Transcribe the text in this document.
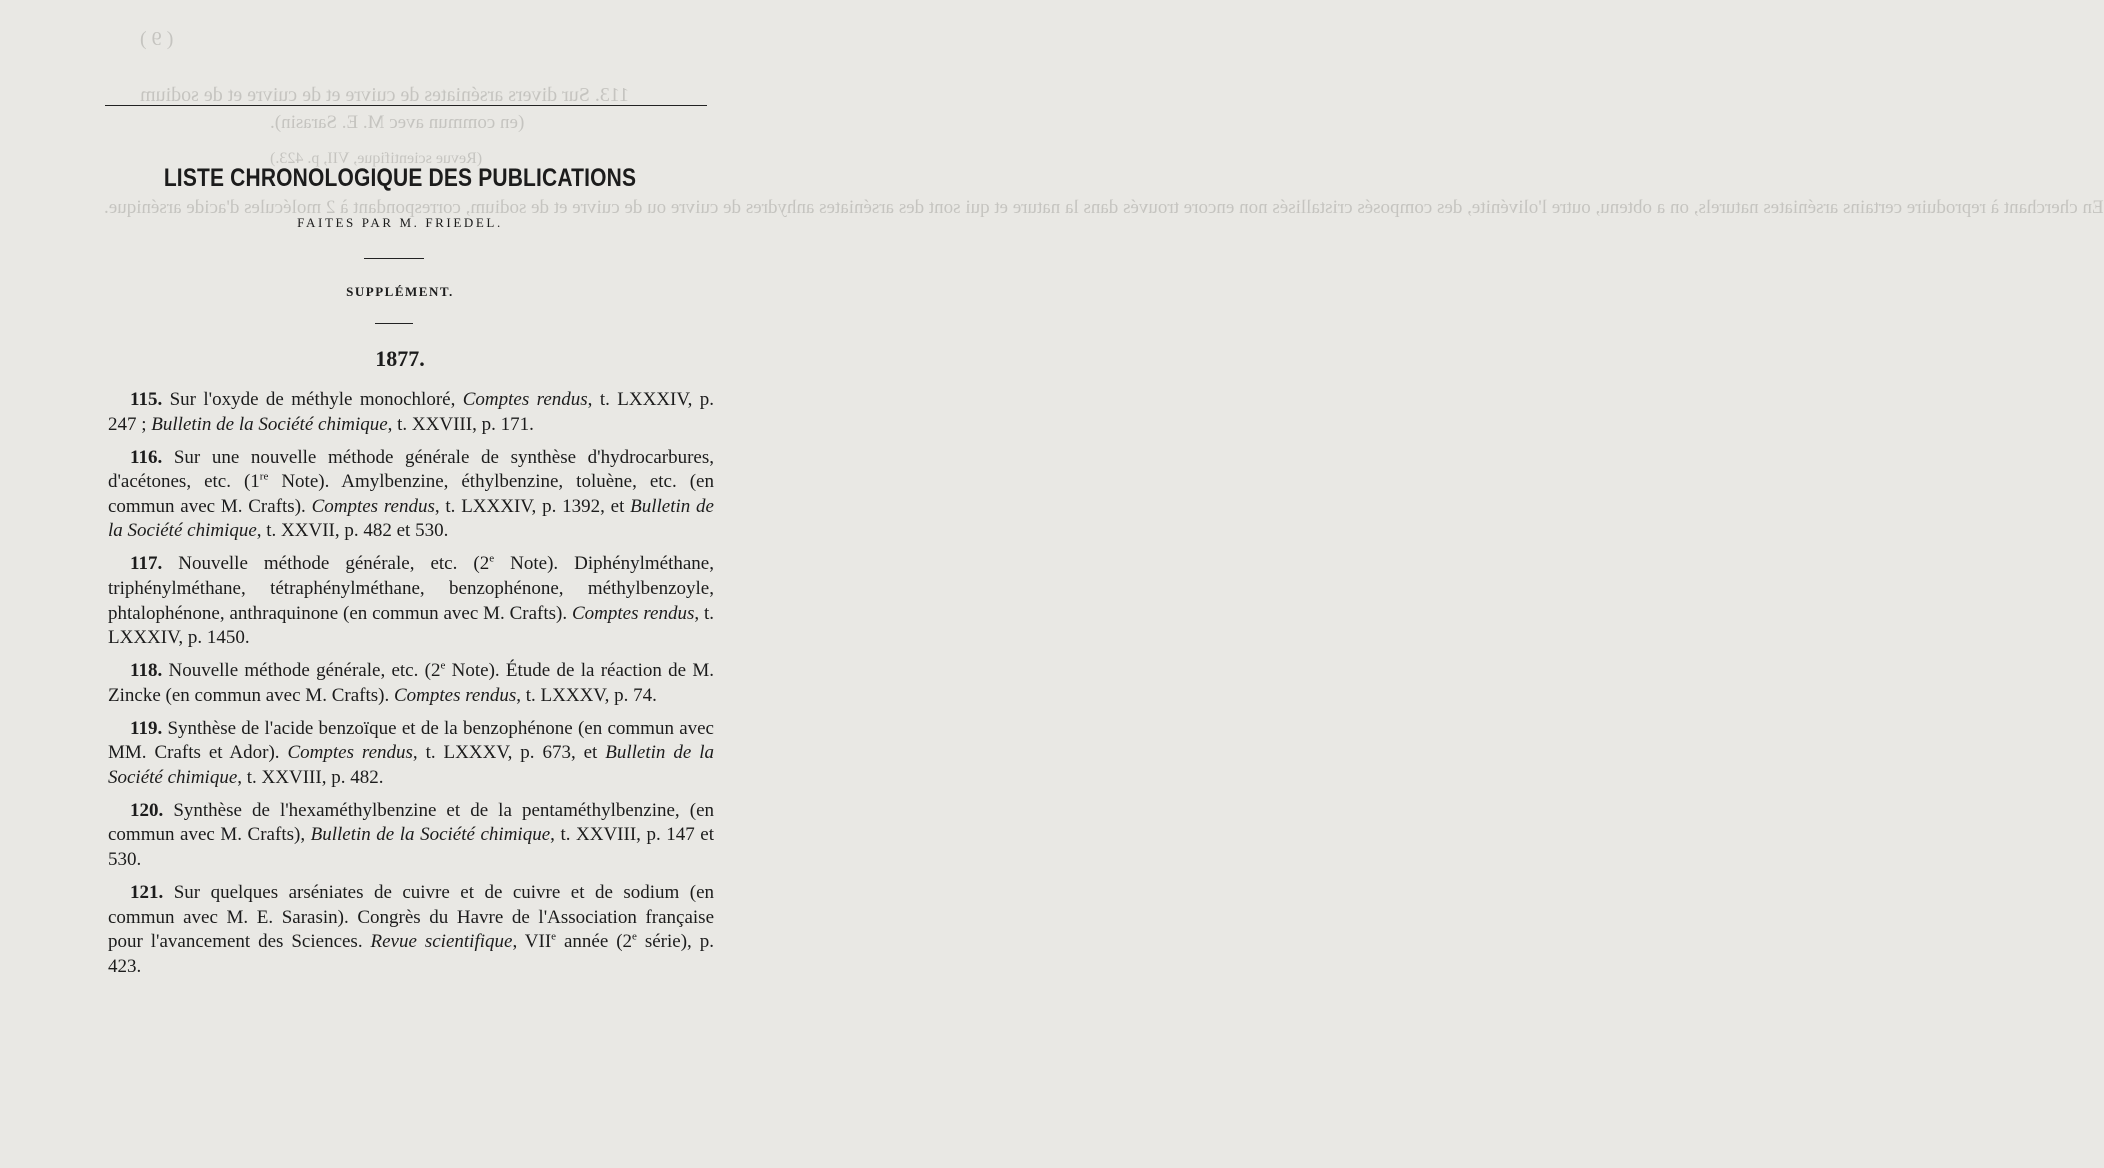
( 9 )

113. Sur divers arséniates de cuivre et de cuivre et de sodium

(en commun avec M. E. Sarasin).

(Revue scientifique, VII, p. 423.)

En cherchant à reproduire certains arséniates naturels, on a obtenu, outre l'olivénite, des composés cristallisés non encore trouvés dans la nature et qui sont des arséniates anhydres de cuivre ou de cuivre et de sodium, correspondant à 2 molécules d'acide arsénique.

LISTE CHRONOLOGIQUE DES PUBLICATIONS

FAITES PAR M. FRIEDEL.

SUPPLÉMENT.

1877.

115. Sur l'oxyde de méthyle monochloré, Comptes rendus, t. LXXXIV, p. 247 ; Bulletin de la Société chimique, t. XXVIII, p. 171.

116. Sur une nouvelle méthode générale de synthèse d'hydrocarbures, d'acétones, etc. (1re Note). Amylbenzine, éthylbenzine, toluène, etc. (en commun avec M. Crafts). Comptes rendus, t. LXXXIV, p. 1392, et Bulletin de la Société chimique, t. XXVII, p. 482 et 530.

117. Nouvelle méthode générale, etc. (2e Note). Diphénylméthane, triphénylméthane, tétraphénylméthane, benzophénone, méthylbenzoyle, phtalophénone, anthraquinone (en commun avec M. Crafts). Comptes rendus, t. LXXXIV, p. 1450.

118. Nouvelle méthode générale, etc. (2e Note). Étude de la réaction de M. Zincke (en commun avec M. Crafts). Comptes rendus, t. LXXXV, p. 74.

119. Synthèse de l'acide benzoïque et de la benzophénone (en commun avec MM. Crafts et Ador). Comptes rendus, t. LXXXV, p. 673, et Bulletin de la Société chimique, t. XXVIII, p. 482.

120. Synthèse de l'hexaméthylbenzine et de la pentaméthylbenzine, (en commun avec M. Crafts), Bulletin de la Société chimique, t. XXVIII, p. 147 et 530.

121. Sur quelques arséniates de cuivre et de cuivre et de sodium (en commun avec M. E. Sarasin). Congrès du Havre de l'Association française pour l'avancement des Sciences. Revue scientifique, VIIe année (2e série), p. 423.
